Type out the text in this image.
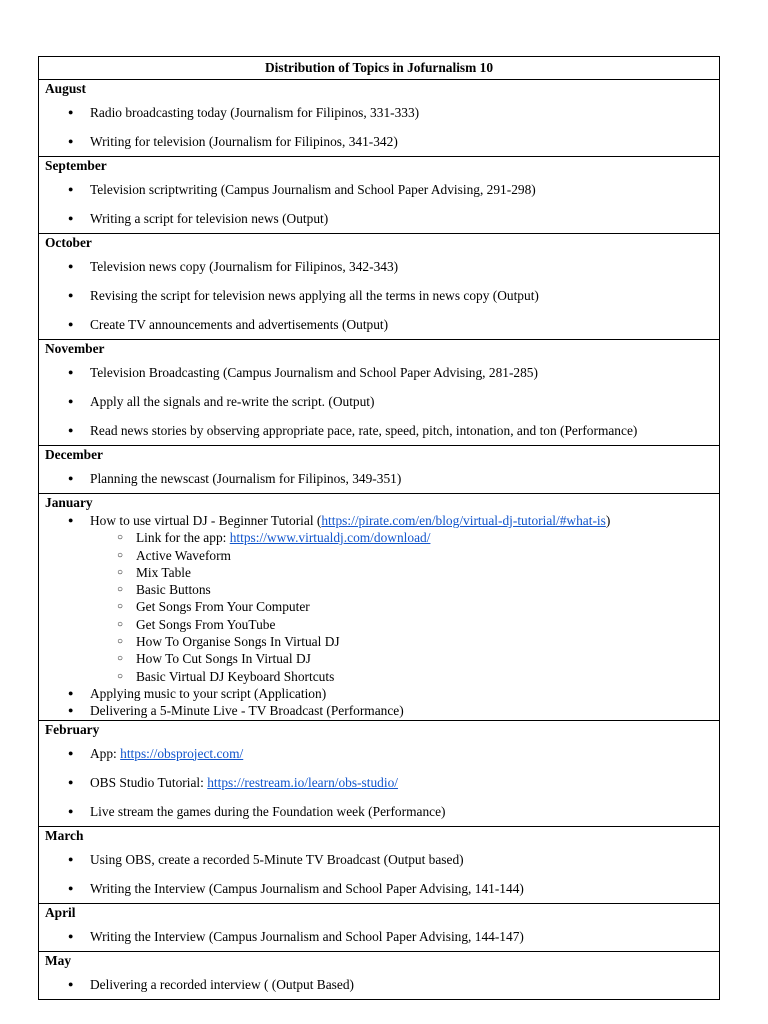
Distribution of Topics in Jofurnalism 10

August
● Radio broadcasting today (Journalism for Filipinos, 331-333)
● Writing for television (Journalism for Filipinos, 341-342)

September
● Television scriptwriting (Campus Journalism and School Paper Advising, 291-298)
● Writing a script for television news (Output)

October
● Television news copy (Journalism for Filipinos, 342-343)
● Revising the script for television news applying all the terms in news copy (Output)
● Create TV announcements and advertisements (Output)

November
● Television Broadcasting (Campus Journalism and School Paper Advising, 281-285)
● Apply all the signals and re-write the script. (Output)
● Read news stories by observing appropriate pace, rate, speed, pitch, intonation, and ton (Performance)

December
● Planning the newscast (Journalism for Filipinos, 349-351)

January
● How to use virtual DJ - Beginner Tutorial (https://pirate.com/en/blog/virtual-dj-tutorial/#what-is)
○ Link for the app: https://www.virtualdj.com/download/
○ Active Waveform
○ Mix Table
○ Basic Buttons
○ Get Songs From Your Computer
○ Get Songs From YouTube
○ How To Organise Songs In Virtual DJ
○ How To Cut Songs In Virtual DJ
○ Basic Virtual DJ Keyboard Shortcuts
● Applying music to your script (Application)
● Delivering a 5-Minute Live - TV Broadcast (Performance)

February
● App: https://obsproject.com/
● OBS Studio Tutorial: https://restream.io/learn/obs-studio/
● Live stream the games during the Foundation week (Performance)

March
● Using OBS, create a recorded 5-Minute TV Broadcast (Output based)
● Writing the Interview (Campus Journalism and School Paper Advising, 141-144)

April
● Writing the Interview (Campus Journalism and School Paper Advising, 144-147)

May
● Delivering a recorded interview ( (Output Based)
